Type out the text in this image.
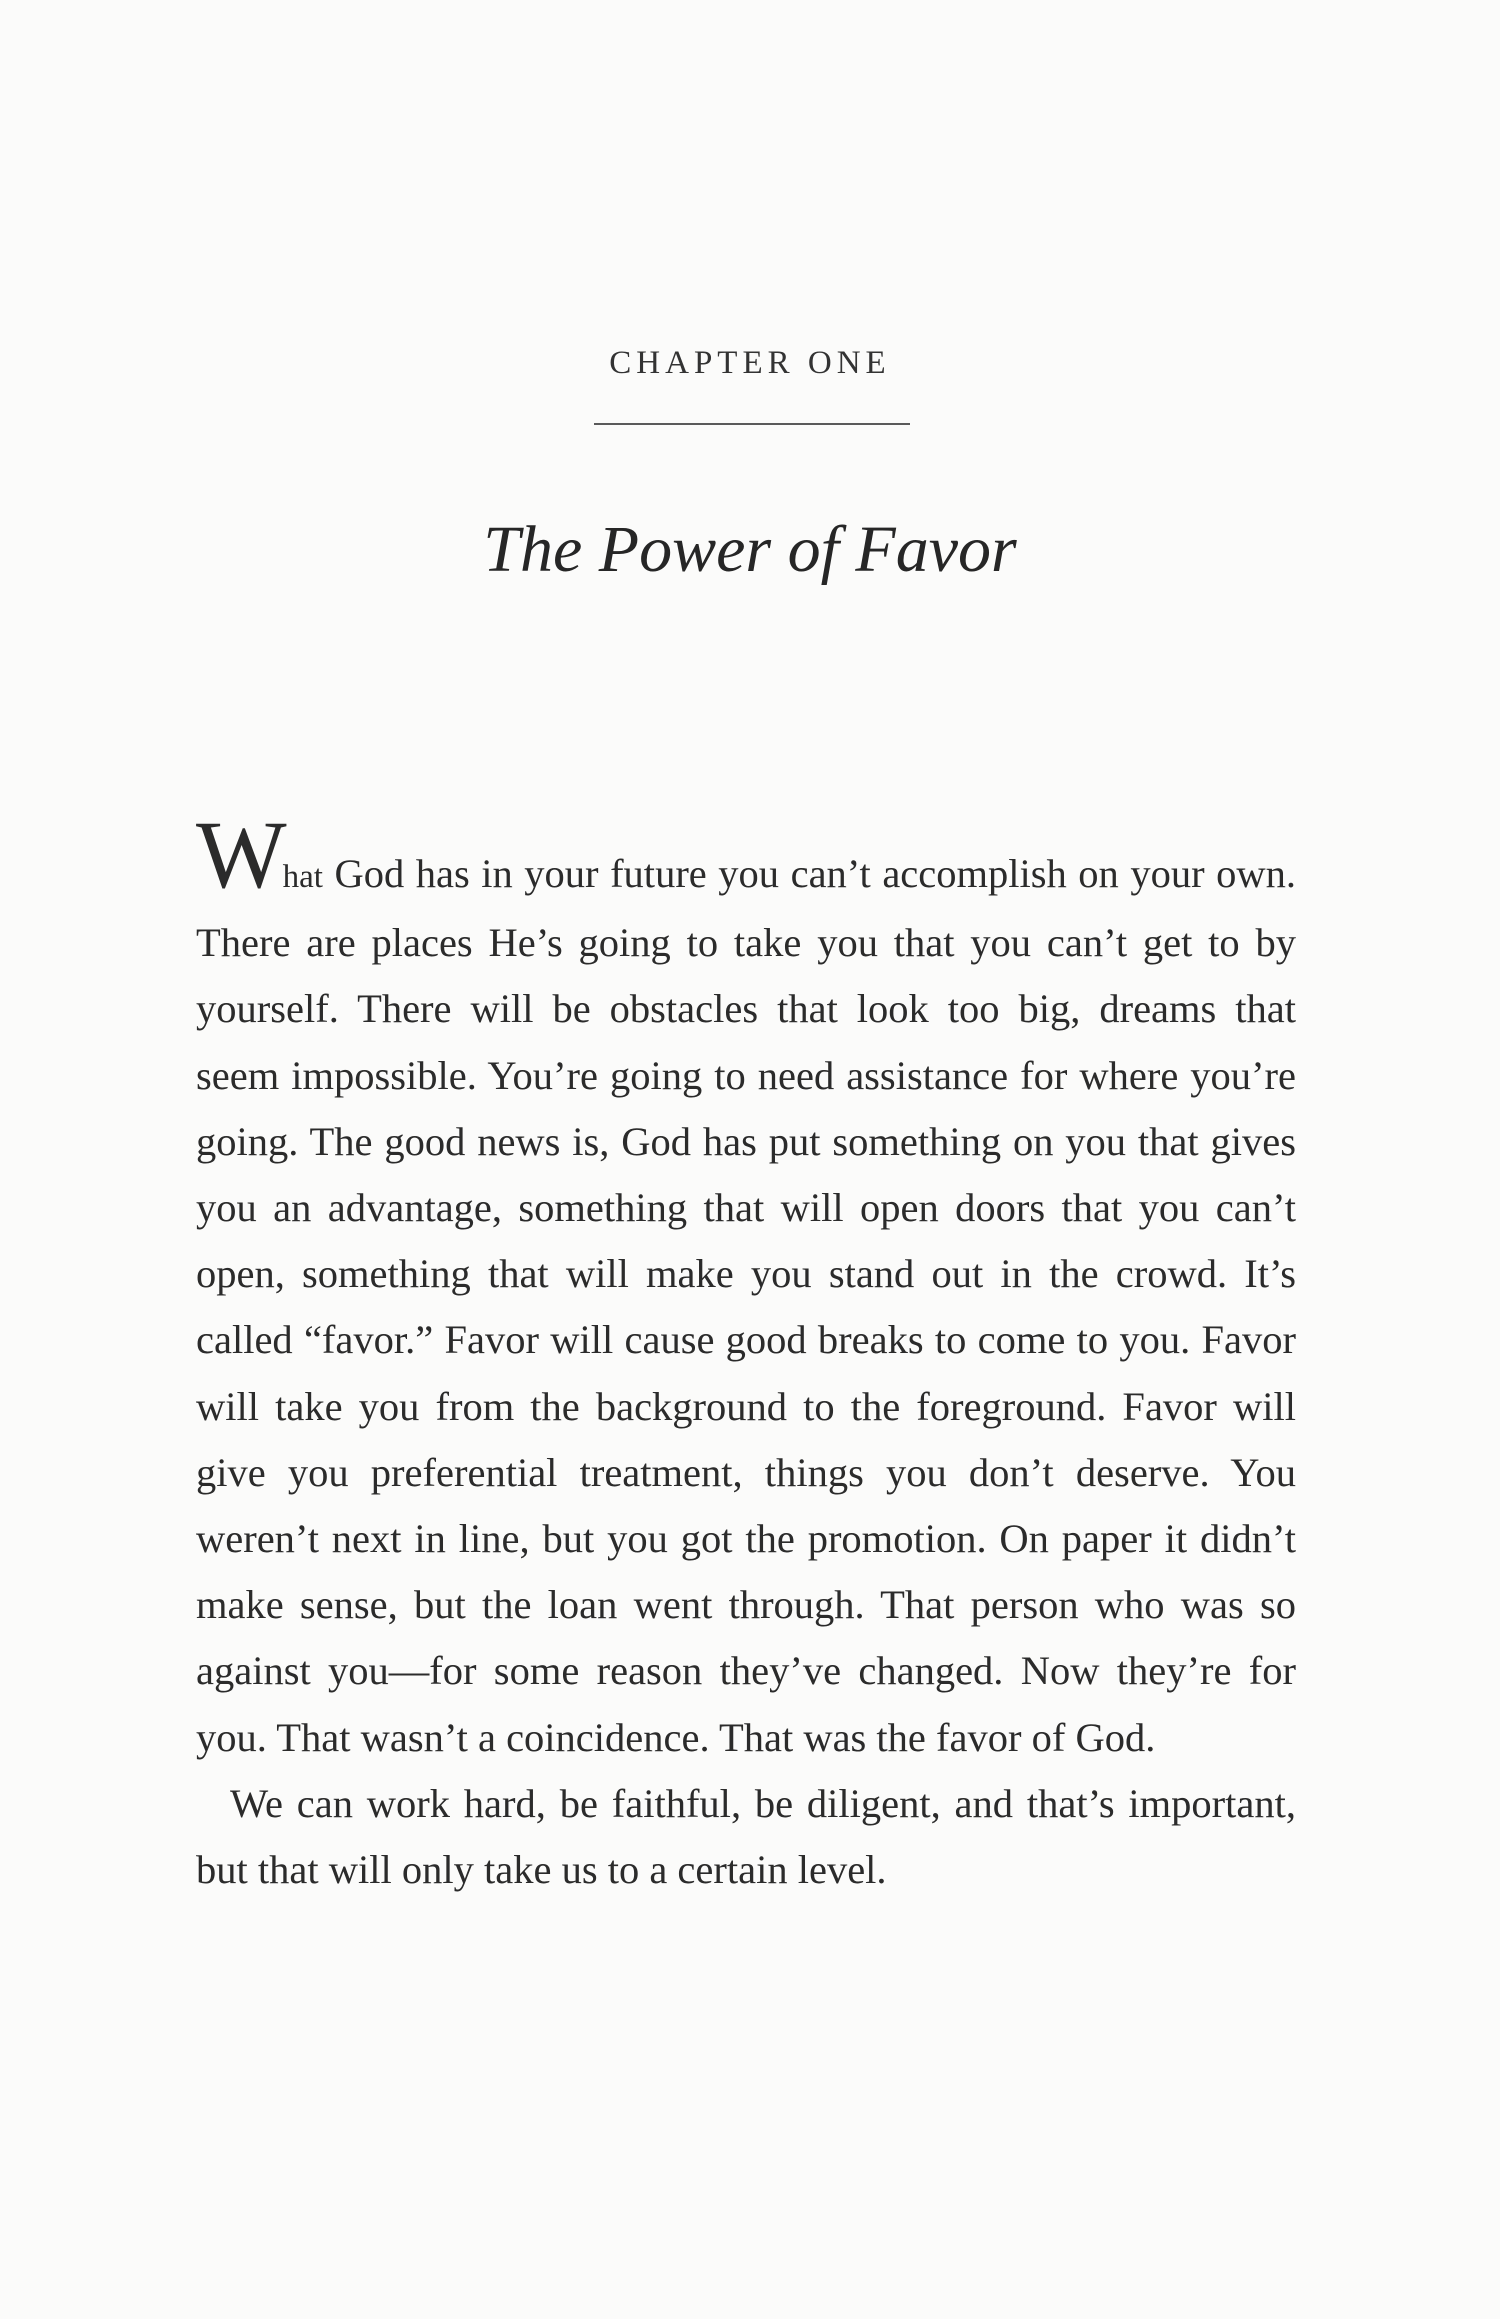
CHAPTER ONE
The Power of Favor

What God has in your future you can’t accomplish on your own. There are places He’s going to take you that you can’t get to by yourself. There will be obstacles that look too big, dreams that seem impossible. You’re going to need assistance for where you’re going. The good news is, God has put something on you that gives you an advantage, something that will open doors that you can’t open, something that will make you stand out in the crowd. It’s called “favor.” Favor will cause good breaks to come to you. Favor will take you from the background to the foreground. Favor will give you preferential treatment, things you don’t deserve. You weren’t next in line, but you got the promotion. On paper it didn’t make sense, but the loan went through. That person who was so against you—for some reason they’ve changed. Now they’re for you. That wasn’t a coincidence. That was the favor of God.

We can work hard, be faithful, be diligent, and that’s important, but that will only take us to a certain level.
